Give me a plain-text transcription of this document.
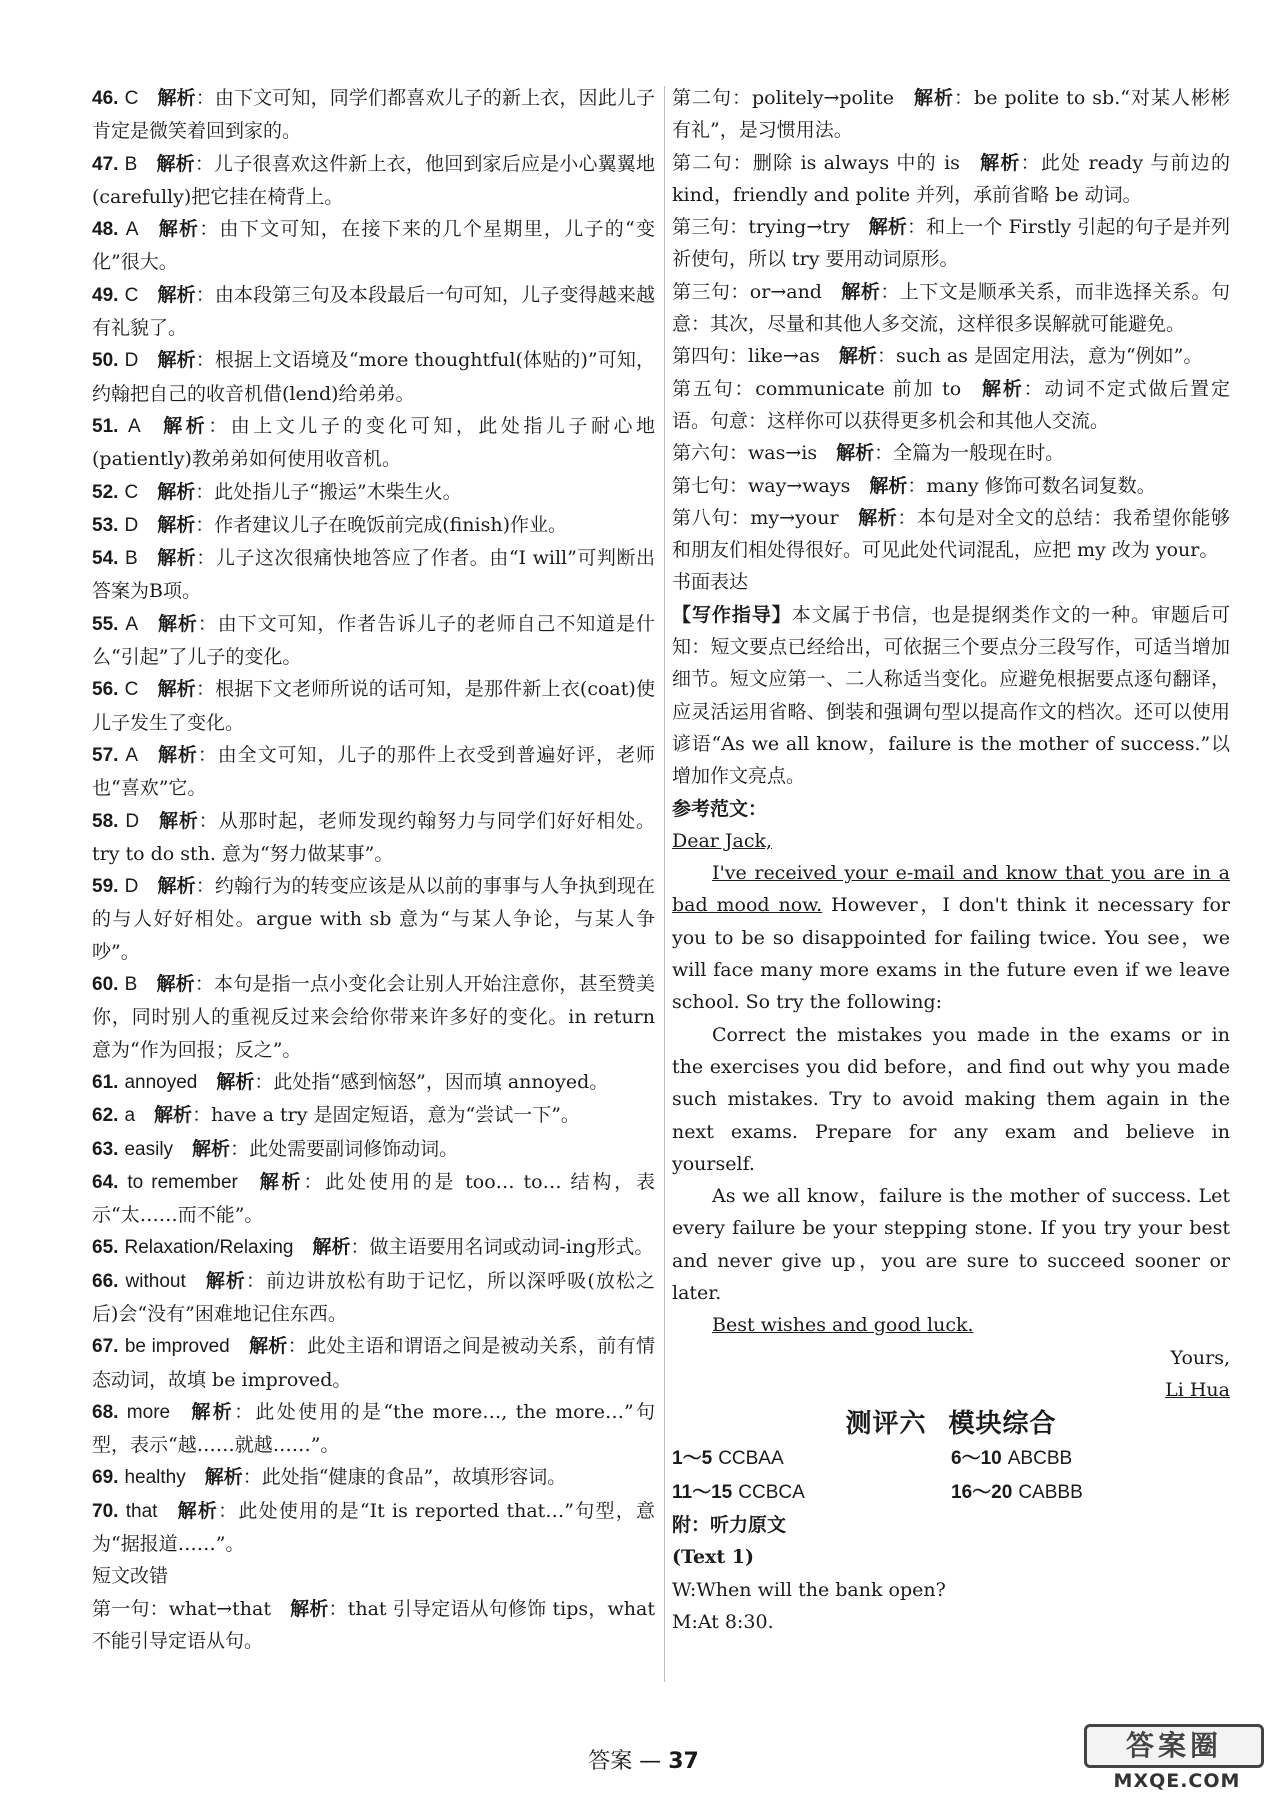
46. C  解析：由下文可知，同学们都喜欢儿子的新上衣，因此儿子肯定是微笑着回到家的。

47. B  解析：儿子很喜欢这件新上衣，他回到家后应是小心翼翼地(carefully)把它挂在椅背上。

48. A  解析：由下文可知，在接下来的几个星期里，儿子的“变化”很大。

49. C  解析：由本段第三句及本段最后一句可知，儿子变得越来越有礼貌了。

50. D  解析：根据上文语境及“more thoughtful(体贴的)”可知，约翰把自己的收音机借(lend)给弟弟。

51. A  解析：由上文儿子的变化可知，此处指儿子耐心地(patiently)教弟弟如何使用收音机。

52. C  解析：此处指儿子“搬运”木柴生火。

53. D  解析：作者建议儿子在晚饭前完成(finish)作业。

54. B  解析：儿子这次很痛快地答应了作者。由“I will”可判断出答案为B项。

55. A  解析：由下文可知，作者告诉儿子的老师自己不知道是什么“引起”了儿子的变化。

56. C  解析：根据下文老师所说的话可知，是那件新上衣(coat)使儿子发生了变化。

57. A  解析：由全文可知，儿子的那件上衣受到普遍好评，老师也“喜欢”它。

58. D  解析：从那时起，老师发现约翰努力与同学们好好相处。try to do sth. 意为“努力做某事”。

59. D  解析：约翰行为的转变应该是从以前的事事与人争执到现在的与人好好相处。argue with sb 意为“与某人争论，与某人争吵”。

60. B  解析：本句是指一点小变化会让别人开始注意你，甚至赞美你，同时别人的重视反过来会给你带来许多好的变化。in return 意为“作为回报；反之”。

61. annoyed  解析：此处指“感到恼怒”，因而填 annoyed。

62. a  解析：have a try 是固定短语，意为“尝试一下”。

63. easily  解析：此处需要副词修饰动词。

64. to remember  解析：此处使用的是 too… to… 结构，表示“太……而不能”。

65. Relaxation/Relaxing  解析：做主语要用名词或动词-ing形式。

66. without  解析：前边讲放松有助于记忆，所以深呼吸(放松之后)会“没有”困难地记住东西。

67. be improved  解析：此处主语和谓语之间是被动关系，前有情态动词，故填 be improved。

68. more  解析：此处使用的是“the more…, the more…”句型，表示“越……就越……”。

69. healthy  解析：此处指“健康的食品”，故填形容词。

70. that  解析：此处使用的是“It is reported that…”句型，意为“据报道……”。

短文改错

第一句：what→that  解析：that 引导定语从句修饰 tips，what 不能引导定语从句。

第二句：politely→polite  解析：be polite to sb.“对某人彬彬有礼”，是习惯用法。

第二句：删除 is always 中的 is  解析：此处 ready 与前边的 kind，friendly and polite 并列，承前省略 be 动词。

第三句：trying→try  解析：和上一个 Firstly 引起的句子是并列祈使句，所以 try 要用动词原形。

第三句：or→and  解析：上下文是顺承关系，而非选择关系。句意：其次，尽量和其他人多交流，这样很多误解就可能避免。

第四句：like→as  解析：such as 是固定用法，意为“例如”。

第五句：communicate 前加 to  解析：动词不定式做后置定语。句意：这样你可以获得更多机会和其他人交流。

第六句：was→is  解析：全篇为一般现在时。

第七句：way→ways  解析：many 修饰可数名词复数。

第八句：my→your  解析：本句是对全文的总结：我希望你能够和朋友们相处得很好。可见此处代词混乱，应把 my 改为 your。

书面表达

【写作指导】本文属于书信，也是提纲类作文的一种。审题后可知：短文要点已经给出，可依据三个要点分三段写作，可适当增加细节。短文应第一、二人称适当变化。应避免根据要点逐句翻译，应灵活运用省略、倒装和强调句型以提高作文的档次。还可以使用谚语“As we all know，failure is the mother of success.”以增加作文亮点。

参考范文：

Dear Jack,

I've received your e-mail and know that you are in a bad mood now. However，I don't think it necessary for you to be so disappointed for failing twice. You see，we will face many more exams in the future even if we leave school. So try the following:

Correct the mistakes you made in the exams or in the exercises you did before，and find out why you made such mistakes. Try to avoid making them again in the next exams. Prepare for any exam and believe in yourself.

As we all know，failure is the mother of success. Let every failure be your stepping stone. If you try your best and never give up，you are sure to succeed sooner or later.

Best wishes and good luck.

Yours,
Li Hua
测评六 模块综合
1～5 CCBAA	6～10 ABCBB
11～15 CCBCA	16～20 CABBB

附：听力原文

(Text 1)

W:When will the bank open?

M:At 8:30.

答案 — 37	答案圈
MXQE.COM
